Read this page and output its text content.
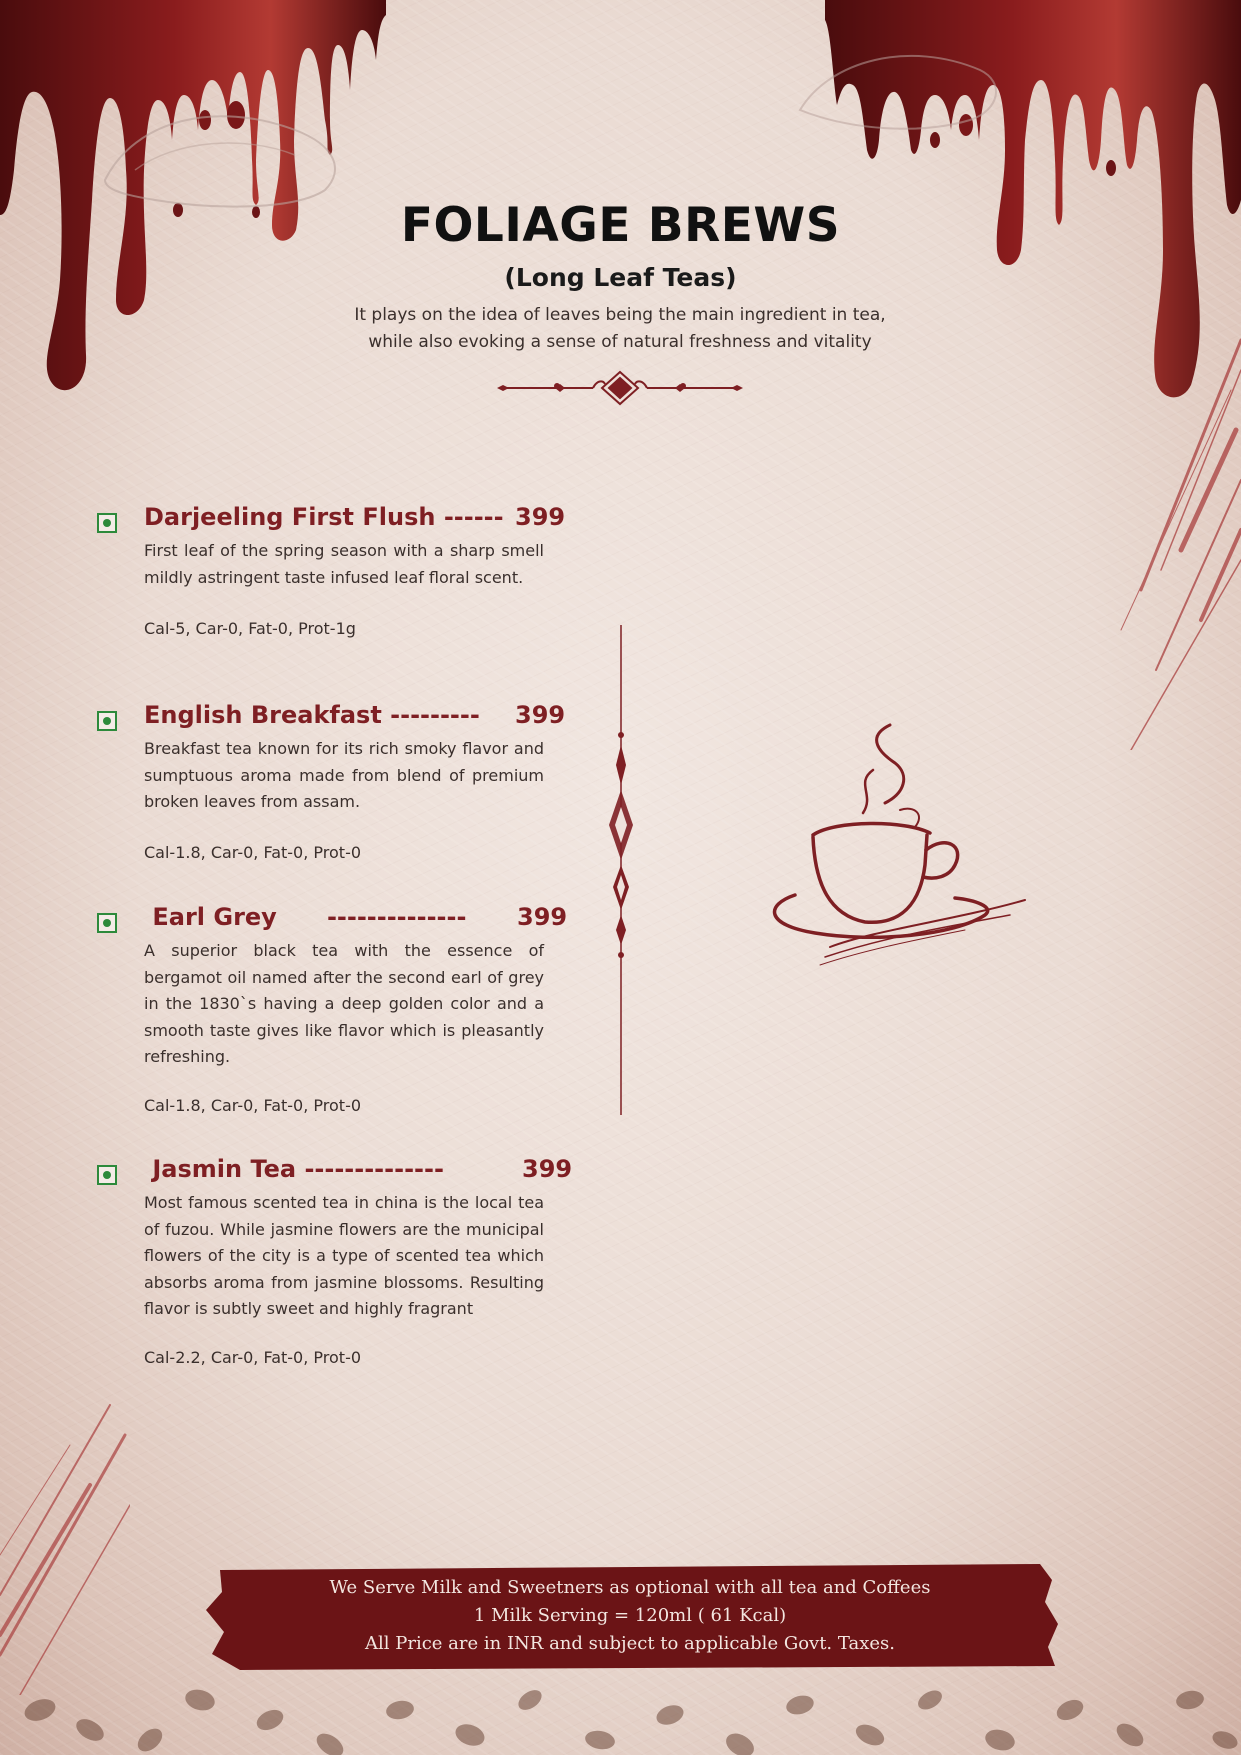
FOLIAGE BREWS
(Long Leaf Teas)
It plays on the idea of leaves being the main ingredient in tea,
while also evoking a sense of natural freshness and vitality
Darjeeling First Flush ------ 399
First leaf of the spring season with a sharp smell mildly astringent taste infused leaf floral scent.
Cal-5, Car-0, Fat-0, Prot-1g
English Breakfast --------- 399
Breakfast tea known for its rich smoky flavor and sumptuous aroma made from blend of premium broken leaves from assam.
Cal-1.8, Car-0, Fat-0, Prot-0
Earl Grey      -------------- 399
A superior black tea with the essence of bergamot oil named after the second earl of grey in the 1830`s having a deep golden color and a smooth taste gives like flavor which is pleasantly refreshing.
Cal-1.8, Car-0, Fat-0, Prot-0
Jasmin Tea --------------	399
Most famous scented tea in china is the local tea of fuzou. While jasmine flowers are the municipal flowers of the city is a type of scented tea which absorbs aroma from jasmine blossoms. Resulting flavor is subtly sweet and highly fragrant
Cal-2.2, Car-0, Fat-0, Prot-0
We Serve Milk and Sweetners as optional with all tea and Coffees
1 Milk Serving = 120ml ( 61 Kcal)
All Price are in INR and subject to applicable Govt. Taxes.
